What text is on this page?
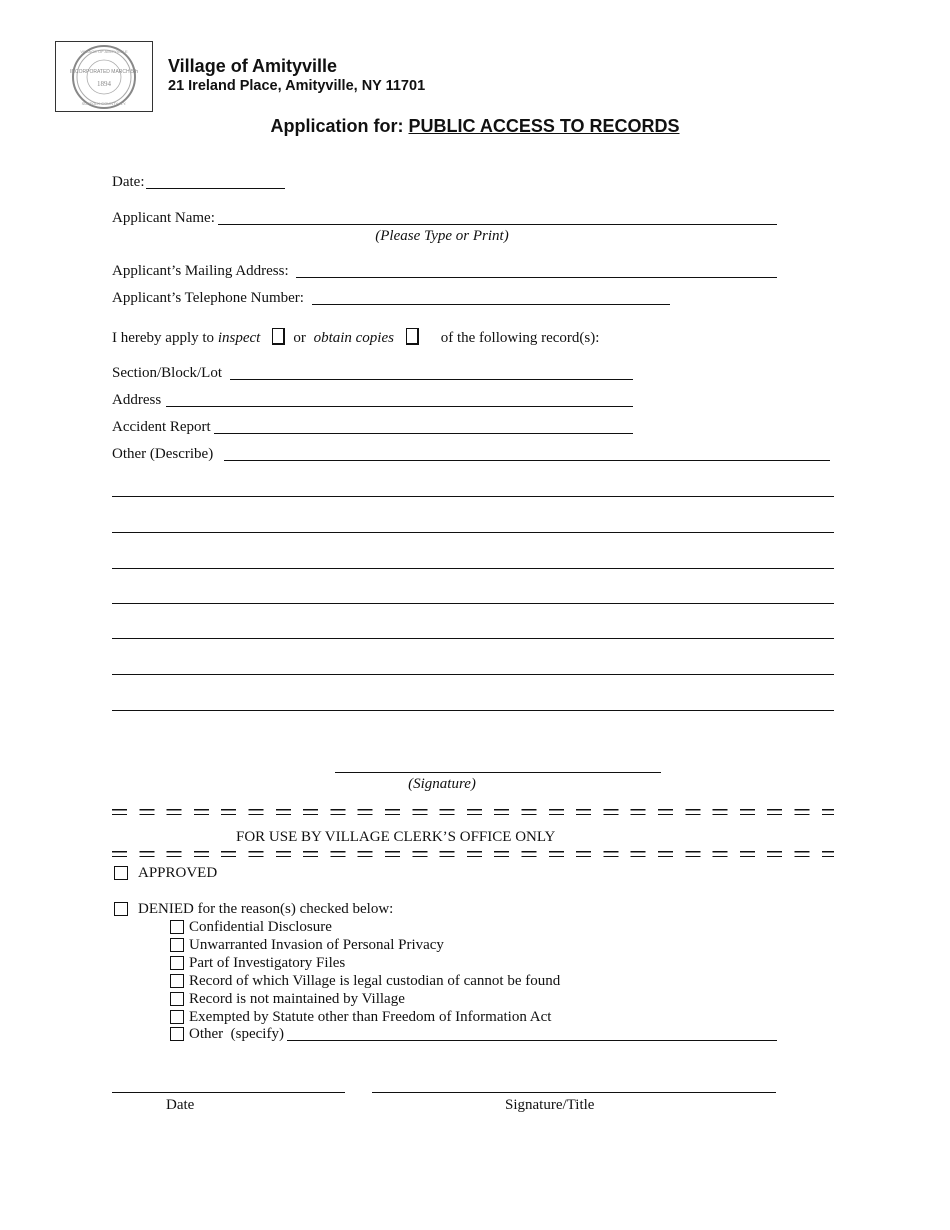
INCORPORATED MARCH 5th
1894
VILLAGE OF AMITYVILLE
SUFFOLK COUNTY N.Y.
Village of Amityville
21 Ireland Place, Amityville, NY 11701
Application for: PUBLIC ACCESS TO RECORDS
Date:
Applicant Name:
(Please Type or Print)
Applicant’s Mailing Address:
Applicant’s Telephone Number:
I hereby apply to inspect or obtain copies	of the following record(s):
Section/Block/Lot
Address
Accident Report
Other (Describe)
(Signature)
FOR USE BY VILLAGE CLERK’S OFFICE ONLY
APPROVED
DENIED for the reason(s) checked below:
Confidential Disclosure
Unwarranted Invasion of Personal Privacy
Part of Investigatory Files
Record of which Village is legal custodian of cannot be found
Record is not maintained by Village
Exempted by Statute other than Freedom of Information Act
Other  (specify)
Date	Signature/Title
